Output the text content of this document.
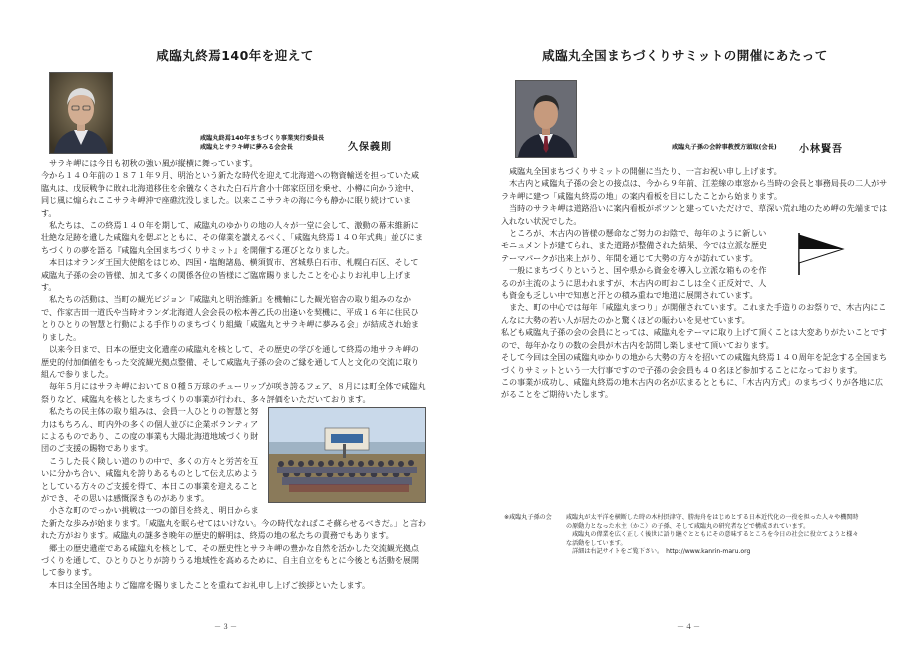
咸臨丸終焉140年を迎えて
咸臨丸終焉140年まちづくり事業実行委員長
咸臨丸とサラキ岬に夢みる会会長	久保義則

サラキ岬には今日も初秋の強い風が縦横に舞っています。

今から１４０年前の１８７１年９月、明治という新たな時代を迎えて北海道への物資輸送を担っていた咸臨丸は、戊辰戦争に敗れ北海道移住を余儀なくされた白石片倉小十郎家臣団を乗せ、小樽に向かう途中、同じ風に煽られここサラキ岬沖で座礁沈没しました。以来ここサラキの海に今も静かに眠り続けています。

私たちは、この終焉１４０年を期して、咸臨丸のゆかりの地の人々が一堂に会して、激動の幕末維新に壮絶な足跡を遺した咸臨丸を偲ぶとともに、その偉業を讃えるべく、「咸臨丸終焉１４０年式典」並びにまちづくりの夢を語る『咸臨丸全国まちづくりサミット』を開催する運びとなりました。

本日はオランダ王国大使館をはじめ、四国・塩飽諸島、横須賀市、宮城県白石市、札幌白石区、そして咸臨丸子孫の会の皆様、加えて多くの関係各位の皆様にご臨席賜りましたことを心よりお礼申し上げます。

私たちの活動は、当町の観光ビジョン『咸臨丸と明治維新』を機軸にした観光宿舎の取り組みのなかで、作家吉田一道氏や当時オランダ北海道人会会長の松本善乙氏の出逢いを契機に、平成１６年に住民ひとりひとりの智慧と行動による手作りのまちづくり組織「咸臨丸とサラキ岬に夢みる会」が結成され始まりました。

以来今日まで、日本の歴史文化遺産の咸臨丸を核として、その歴史の学びを通して終焉の地サラキ岬の歴史的付加価値をもった交流観光拠点整備、そして咸臨丸子孫の会のご縁を通して人と文化の交流に取り組んで参りました。

毎年５月にはサラキ岬において８０種５万球のチューリップが咲き誇るフェア、８月には町全体で咸臨丸祭りなど、咸臨丸を核としたまちづくりの事業が行われ、多々評価をいただいております。

私たちの民主体の取り組みは、会員一人ひとりの智慧と努力はもちろん、町内外の多くの個人並びに企業ボランティアによるものであり、この度の事業も大陽北海道地域づくり財団のご支援の賜物であります。

こうした長く険しい道のりの中で、多くの方々と労苦を互いに分かち合い、咸臨丸を誇りあるものとして伝え広めようとしている方々のご支援を得て、本日この事業を迎えることができ、その思いは感慨深きものがあります。

小さな町のでっかい挑戦は一つの節目を終え、明日からまた新たな歩みが始まります。「咸臨丸を眠らせてはいけない。今の時代なればこそ蘇らせるべきだ。」と言われた方がおります。咸臨丸の謎多き晩年の歴史的解明は、終焉の地の私たちの責務でもあります。

郷土の歴史遺産である咸臨丸を核として、その歴史性とサラキ岬の豊かな自然を活かした交流観光拠点づくりを通して、ひとりひとりが誇りうる地域性を高めるために、自主自立をもとに今後とも活動を展開して参ります。

本日は全国各地よりご臨席を賜りましたことを重ねてお礼申し上げご挨拶といたします。

－３－
咸臨丸全国まちづくりサミットの開催にあたって
咸臨丸子孫の会幹事教授方頭取(会長) 小林賢吾

咸臨丸全国まちづくりサミットの開催に当たり、一言お祝い申し上げます。

木古内と咸臨丸子孫の会との接点は、今から９年前、江差線の車窓から当時の会長と事務局長の二人がサラキ岬に建つ「咸臨丸終焉の地」の案内看板を目にしたことから始まります。

当時のサラキ岬は道路沿いに案内看板がポツンと建っていただけで、草深い荒れ地のため岬の先端までは入れない状況でした。

ところが、木古内の皆様の懸命なご努力のお陰で、毎年のように新しいモニュメントが建てられ、また道路が整備された結果、今では立派な歴史テーマパークが出来上がり、年間を通じて大勢の方々が訪れています。

一般にまちづくりというと、国や県から資金を導入し立派な箱ものを作るのが主流のように思われますが、木古内の町おこしは全く正反対で、人も資金も乏しい中で知恵と汗との積み重ねで地道に展開されています。

また、町の中心では毎年「咸臨丸まつり」が開催されています。これまた手造りのお祭りで、木古内にこんなに大勢の若い人が居たのかと驚くほどの賑わいを見せています。

私ども咸臨丸子孫の会の会員にとっては、咸臨丸をテーマに取り上げて頂くことは大変ありがたいことですので、毎年かなりの数の会員が木古内を訪問し楽しませて頂いております。

そして今回は全国の咸臨丸ゆかりの地から大勢の方々を招いての咸臨丸終焉１４０周年を記念する全国まちづくりサミットという一大行事ですので子孫の会会員も４０名ほど参加することになっております。

この事業が成功し、咸臨丸終焉の地木古内の名が広まるとともに、「木古内方式」のまちづくりが各地に広がることをご期待いたします。

※咸臨丸子孫の会 咸臨丸が太平洋を横断した時の木村摂津守、勝海舟をはじめとする日本近代化の一役を担った人々や機関時の原動力となった水主（かこ）の子孫、そして咸臨丸の研究者などで構成されています。
咸臨丸の偉業を広く正しく後世に語り継ぐとともにその意味するところを今日の社会に役立てようと様々な活動をしています。
詳細は右記サイトをご覧下さい。　http://www.kanrin-maru.org
－４－
